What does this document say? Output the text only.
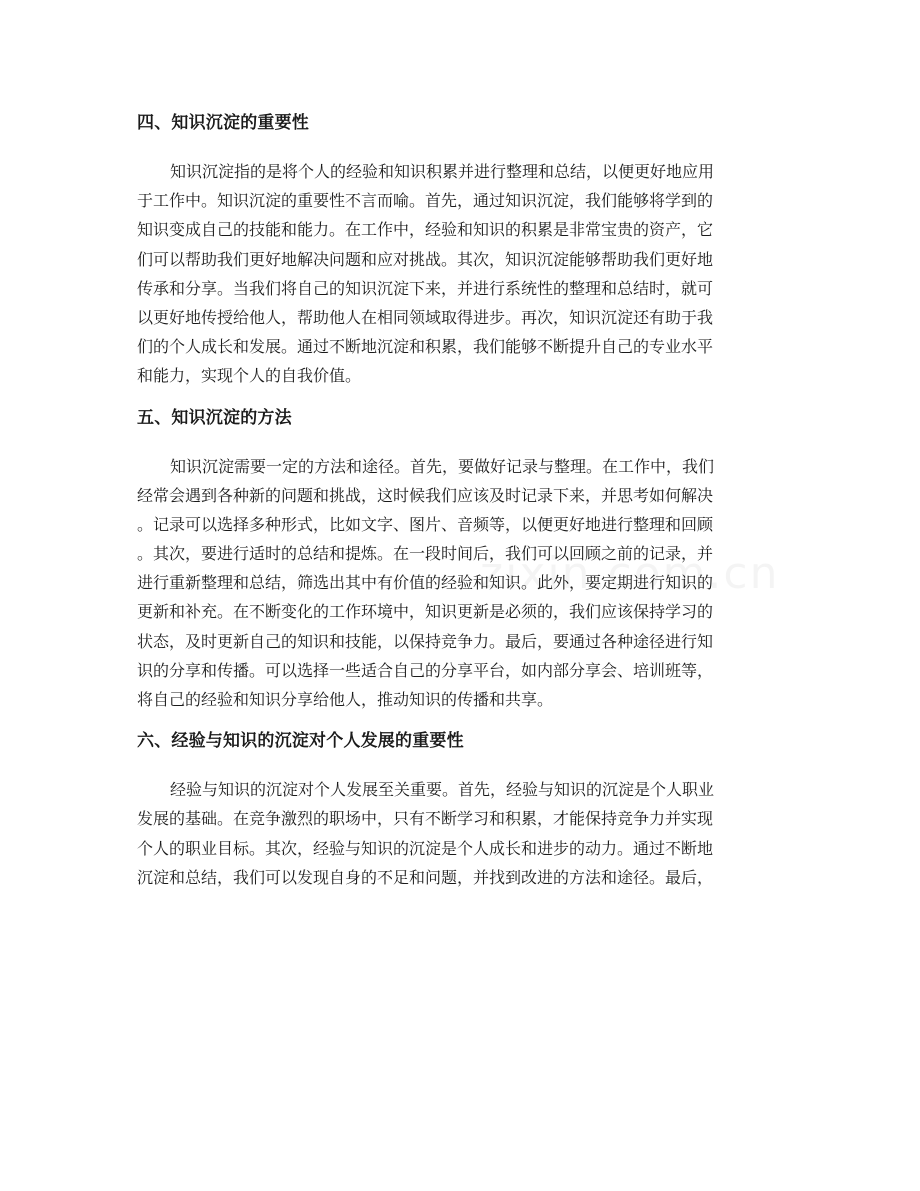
四、知识沉淀的重要性

知识沉淀指的是将个人的经验和知识积累并进行整理和总结，以便更好地应用
于工作中。知识沉淀的重要性不言而喻。首先，通过知识沉淀，我们能够将学到的
知识变成自己的技能和能力。在工作中，经验和知识的积累是非常宝贵的资产，它
们可以帮助我们更好地解决问题和应对挑战。其次，知识沉淀能够帮助我们更好地
传承和分享。当我们将自己的知识沉淀下来，并进行系统性的整理和总结时，就可
以更好地传授给他人，帮助他人在相同领域取得进步。再次，知识沉淀还有助于我
们的个人成长和发展。通过不断地沉淀和积累，我们能够不断提升自己的专业水平
和能力，实现个人的自我价值。

五、知识沉淀的方法

知识沉淀需要一定的方法和途径。首先，要做好记录与整理。在工作中，我们
经常会遇到各种新的问题和挑战，这时候我们应该及时记录下来，并思考如何解决
。记录可以选择多种形式，比如文字、图片、音频等，以便更好地进行整理和回顾
。其次，要进行适时的总结和提炼。在一段时间后，我们可以回顾之前的记录，并
进行重新整理和总结，筛选出其中有价值的经验和知识。此外，要定期进行知识的
更新和补充。在不断变化的工作环境中，知识更新是必须的，我们应该保持学习的
状态，及时更新自己的知识和技能，以保持竞争力。最后，要通过各种途径进行知
识的分享和传播。可以选择一些适合自己的分享平台，如内部分享会、培训班等，
将自己的经验和知识分享给他人，推动知识的传播和共享。

六、经验与知识的沉淀对个人发展的重要性

经验与知识的沉淀对个人发展至关重要。首先，经验与知识的沉淀是个人职业
发展的基础。在竞争激烈的职场中，只有不断学习和积累，才能保持竞争力并实现
个人的职业目标。其次，经验与知识的沉淀是个人成长和进步的动力。通过不断地
沉淀和总结，我们可以发现自身的不足和问题，并找到改进的方法和途径。最后，
